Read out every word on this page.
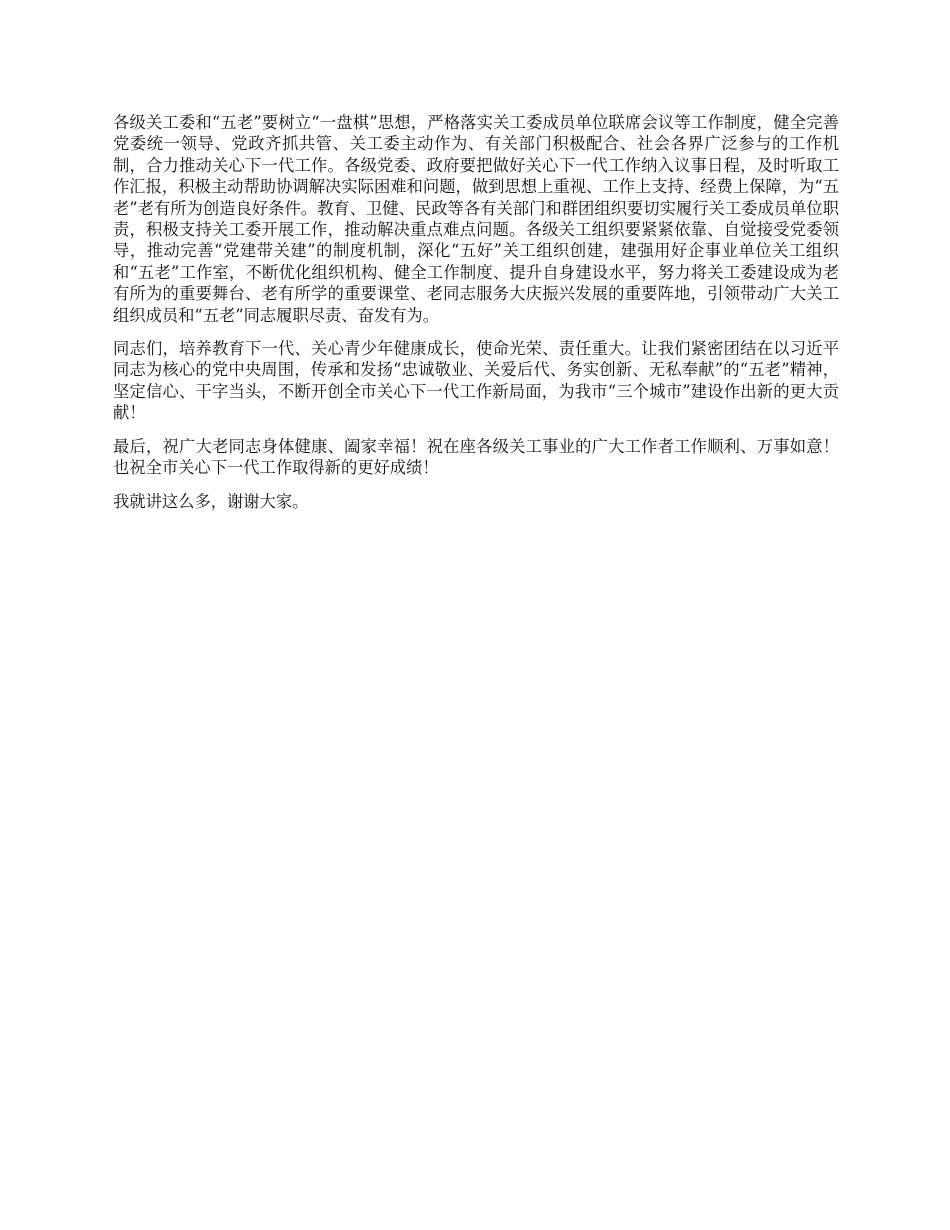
各级关工委和“五老”要树立“一盘棋”思想，严格落实关工委成员单位联席会议等工作制度，健全完善党委统一领导、党政齐抓共管、关工委主动作为、有关部门积极配合、社会各界广泛参与的工作机制，合力推动关心下一代工作。各级党委、政府要把做好关心下一代工作纳入议事日程，及时听取工作汇报，积极主动帮助协调解决实际困难和问题，做到思想上重视、工作上支持、经费上保障，为“五老”老有所为创造良好条件。教育、卫健、民政等各有关部门和群团组织要切实履行关工委成员单位职责，积极支持关工委开展工作，推动解决重点难点问题。各级关工组织要紧紧依靠、自觉接受党委领导，推动完善“党建带关建”的制度机制，深化“五好”关工组织创建，建强用好企事业单位关工组织和“五老”工作室，不断优化组织机构、健全工作制度、提升自身建设水平，努力将关工委建设成为老有所为的重要舞台、老有所学的重要课堂、老同志服务大庆振兴发展的重要阵地，引领带动广大关工组织成员和“五老”同志履职尽责、奋发有为。

同志们，培养教育下一代、关心青少年健康成长，使命光荣、责任重大。让我们紧密团结在以习近平同志为核心的党中央周围，传承和发扬“忠诚敬业、关爱后代、务实创新、无私奉献”的“五老”精神，坚定信心、干字当头，不断开创全市关心下一代工作新局面，为我市“三个城市”建设作出新的更大贡献！

最后，祝广大老同志身体健康、阖家幸福！祝在座各级关工事业的广大工作者工作顺利、万事如意！也祝全市关心下一代工作取得新的更好成绩！

我就讲这么多，谢谢大家。
